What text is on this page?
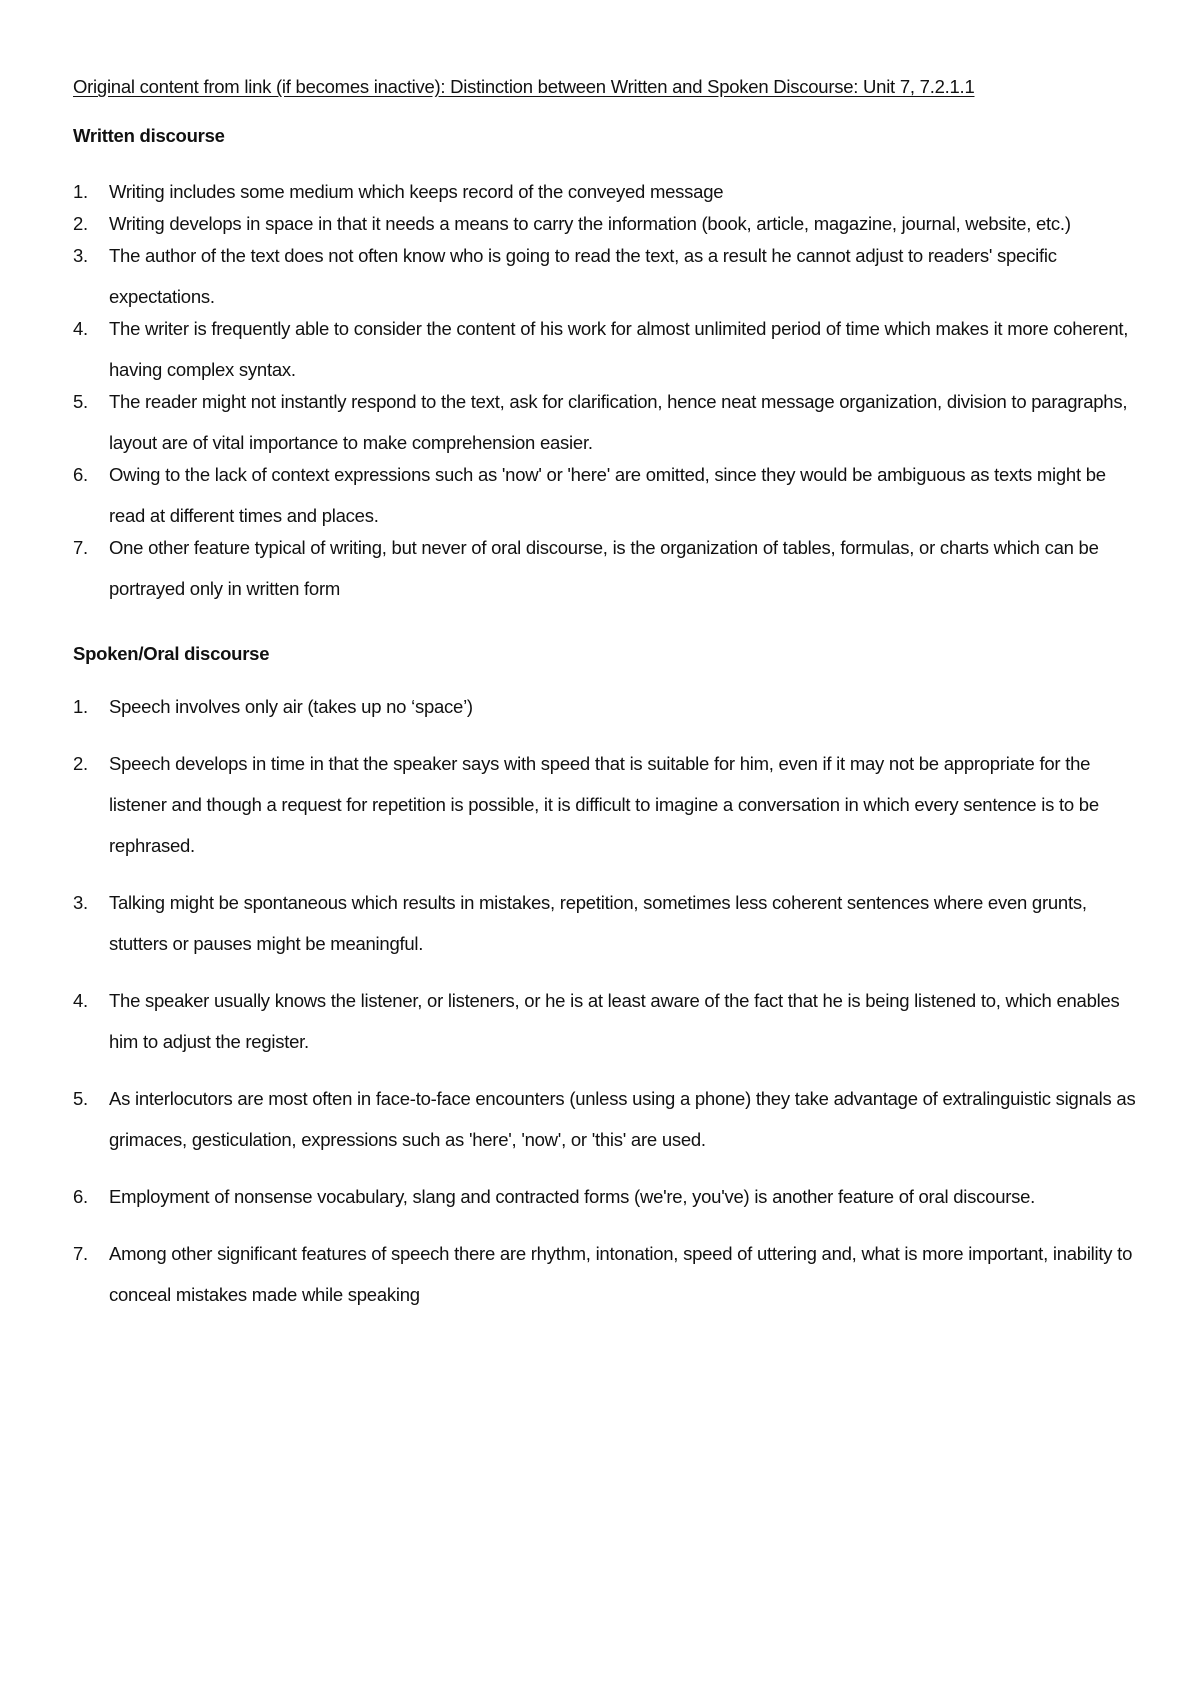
Original content from link (if becomes inactive): Distinction between Written and Spoken Discourse: Unit 7, 7.2.1.1

Written discourse

1.	Writing includes some medium which keeps record of the conveyed message
2.	Writing develops in space in that it needs a means to carry the information (book, article, magazine, journal, website, etc.)
3.	The author of the text does not often know who is going to read the text, as a result he cannot adjust to readers' specific expectations.
4.	The writer is frequently able to consider the content of his work for almost unlimited period of time which makes it more coherent, having complex syntax.
5.	The reader might not instantly respond to the text, ask for clarification, hence neat message organization, division to paragraphs, layout are of vital importance to make comprehension easier.
6.	Owing to the lack of context expressions such as 'now' or 'here' are omitted, since they would be ambiguous as texts might be read at different times and places.
7.	One other feature typical of writing, but never of oral discourse, is the organization of tables, formulas, or charts which can be portrayed only in written form

Spoken/Oral discourse

1.	Speech involves only air (takes up no ‘space’)
2.	Speech develops in time in that the speaker says with speed that is suitable for him, even if it may not be appropriate for the listener and though a request for repetition is possible, it is difficult to imagine a conversation in which every sentence is to be rephrased.
3.	Talking might be spontaneous which results in mistakes, repetition, sometimes less coherent sentences where even grunts, stutters or pauses might be meaningful.
4.	The speaker usually knows the listener, or listeners, or he is at least aware of the fact that he is being listened to, which enables him to adjust the register.
5.	As interlocutors are most often in face-to-face encounters (unless using a phone) they take advantage of extralinguistic signals as grimaces, gesticulation, expressions such as 'here', 'now', or 'this' are used.
6.	Employment of nonsense vocabulary, slang and contracted forms (we're, you've) is another feature of oral discourse.
7.	Among other significant features of speech there are rhythm, intonation, speed of uttering and, what is more important, inability to conceal mistakes made while speaking
